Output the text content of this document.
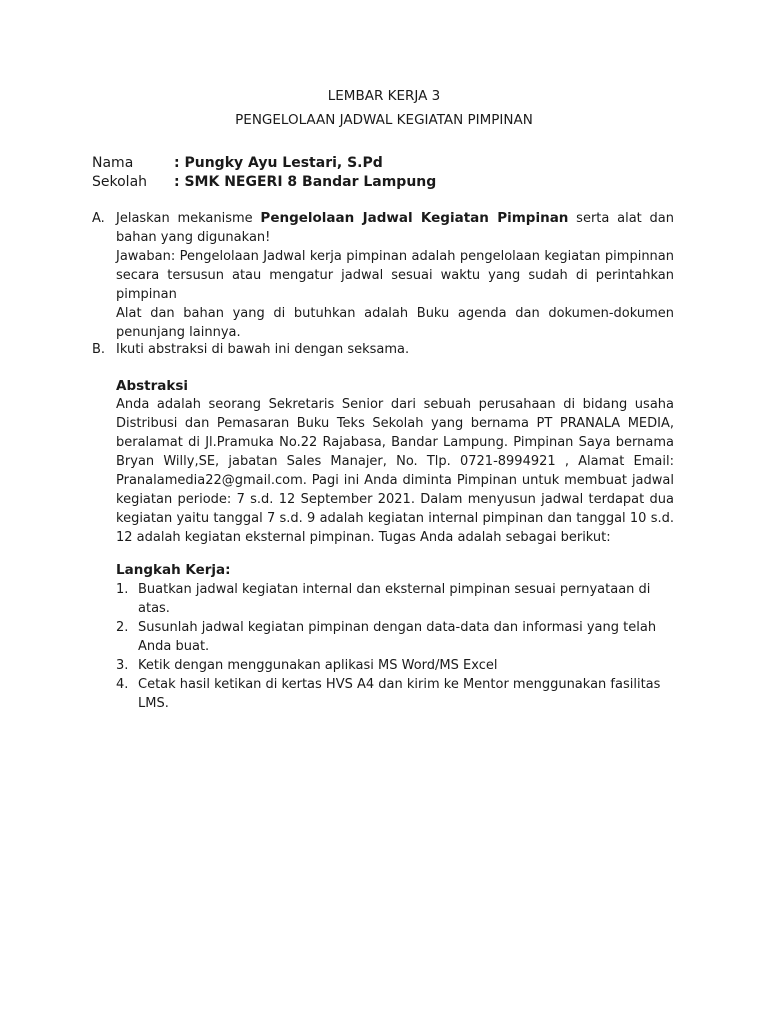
LEMBAR KERJA 3
PENGELOLAAN JADWAL KEGIATAN PIMPINAN
Nama	: Pungky Ayu Lestari, S.Pd
Sekolah : SMK NEGERI 8 Bandar Lampung
A. Jelaskan mekanisme Pengelolaan Jadwal Kegiatan Pimpinan serta alat dan bahan yang digunakan!

Jawaban: Pengelolaan Jadwal kerja pimpinan adalah pengelolaan kegiatan pimpinnan secara tersusun atau mengatur jadwal sesuai waktu yang sudah di perintahkan pimpinan

Alat dan bahan yang di butuhkan adalah Buku agenda dan dokumen-dokumen penunjang lainnya.

B. Ikuti abstraksi di bawah ini dengan seksama.
Abstraksi
Anda adalah seorang Sekretaris Senior dari sebuah perusahaan di bidang usaha Distribusi dan Pemasaran Buku Teks Sekolah yang bernama PT PRANALA MEDIA, beralamat di Jl.Pramuka No.22 Rajabasa, Bandar Lampung. Pimpinan Saya bernama Bryan Willy,SE, jabatan Sales Manajer, No. Tlp. 0721-8994921 , Alamat Email: Pranalamedia22@gmail.com. Pagi ini Anda diminta Pimpinan untuk membuat jadwal kegiatan periode: 7 s.d. 12 September 2021. Dalam menyusun jadwal terdapat dua kegiatan yaitu tanggal 7 s.d. 9 adalah kegiatan internal pimpinan dan tanggal 10 s.d. 12 adalah kegiatan eksternal pimpinan. Tugas Anda adalah sebagai berikut:
Langkah Kerja:
1. Buatkan jadwal kegiatan internal dan eksternal pimpinan sesuai pernyataan di atas.
2. Susunlah jadwal kegiatan pimpinan dengan data-data dan informasi yang telah Anda buat.
3. Ketik dengan menggunakan aplikasi MS Word/MS Excel
4. Cetak hasil ketikan di kertas HVS A4 dan kirim ke Mentor menggunakan fasilitas LMS.
